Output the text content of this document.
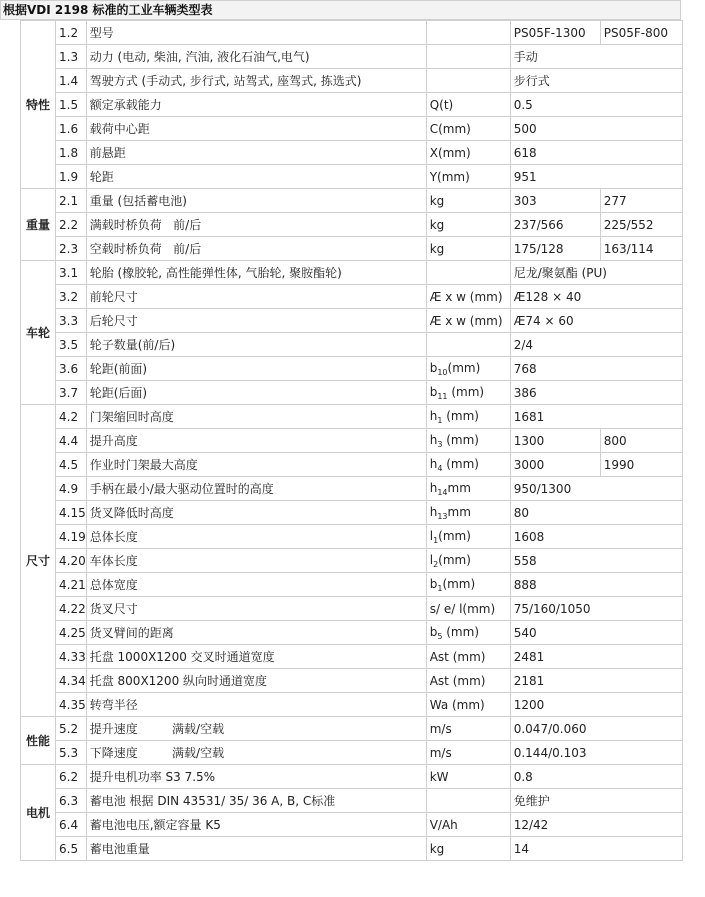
根据VDI 2198 标准的工业车辆类型表
特性	1.2	型号		PS05F-1300	PS05F-800
	1.3	动力 (电动, 柴油, 汽油, 液化石油气,电气)		手动	
	1.4	驾驶方式 (手动式, 步行式, 站驾式, 座驾式, 拣选式)		步行式	
	1.5	额定承载能力	Q(t)	0.5	
	1.6	载荷中心距	C(mm)	500	
	1.8	前悬距	X(mm)	618	
	1.9	轮距	Y(mm)	951	
重量	2.1	重量 (包括蓄电池)	kg	303	277
	2.2	满载时桥负荷   前/后	kg	237/566	225/552
	2.3	空载时桥负荷   前/后	kg	175/128	163/114
车轮	3.1	轮胎 (橡胶轮, 高性能弹性体, 气胎轮, 聚胺酯轮)		尼龙/聚氨酯 (PU)	
	3.2	前轮尺寸	Æ x w (mm)	Æ128 × 40	
	3.3	后轮尺寸	Æ x w (mm)	Æ74 × 60	
	3.5	轮子数量(前/后)		2/4	
	3.6	轮距(前面)	$b_{10}(mm)$	768	
	3.7	轮距(后面)	$b_{11}$ (mm)	386	
尺寸	4.2	门架缩回时高度	$h_1$ (mm)	1681	
	4.4	提升高度	$h_3$ (mm)	1300	800
	4.5	作业时门架最大高度	$h_4$ (mm)	3000	1990
	4.9	手柄在最小/最大驱动位置时的高度	$h_{14}mm$	950/1300	
	4.15	货叉降低时高度	$h_{13}mm$	80	
	4.19	总体长度	$l_1(mm)$	1608	
	4.20	车体长度	$l_2(mm)$	558	
	4.21	总体宽度	$b_1(mm)$	888	
	4.22	货叉尺寸	s/ e/ l(mm)	75/160/1050	
	4.25	货叉臂间的距离	$b_5$ (mm)	540	
	4.33	托盘 1000X1200 交叉时通道宽度	Ast (mm)	2481	
	4.34	托盘 800X1200 纵向时通道宽度	Ast (mm)	2181	
	4.35	转弯半径	Wa (mm)	1200	
性能	5.2	提升速度         满载/空载	m/s	0.047/0.060	
	5.3	下降速度         满载/空载	m/s	0.144/0.103	
电机	6.2	提升电机功率 S3 7.5%	kW	0.8	
	6.3	蓄电池 根据 DIN 43531/ 35/ 36 A, B, C标准		免维护	
	6.4	蓄电池电压,额定容量 K5	V/Ah	12/42	
	6.5	蓄电池重量	kg	14	
